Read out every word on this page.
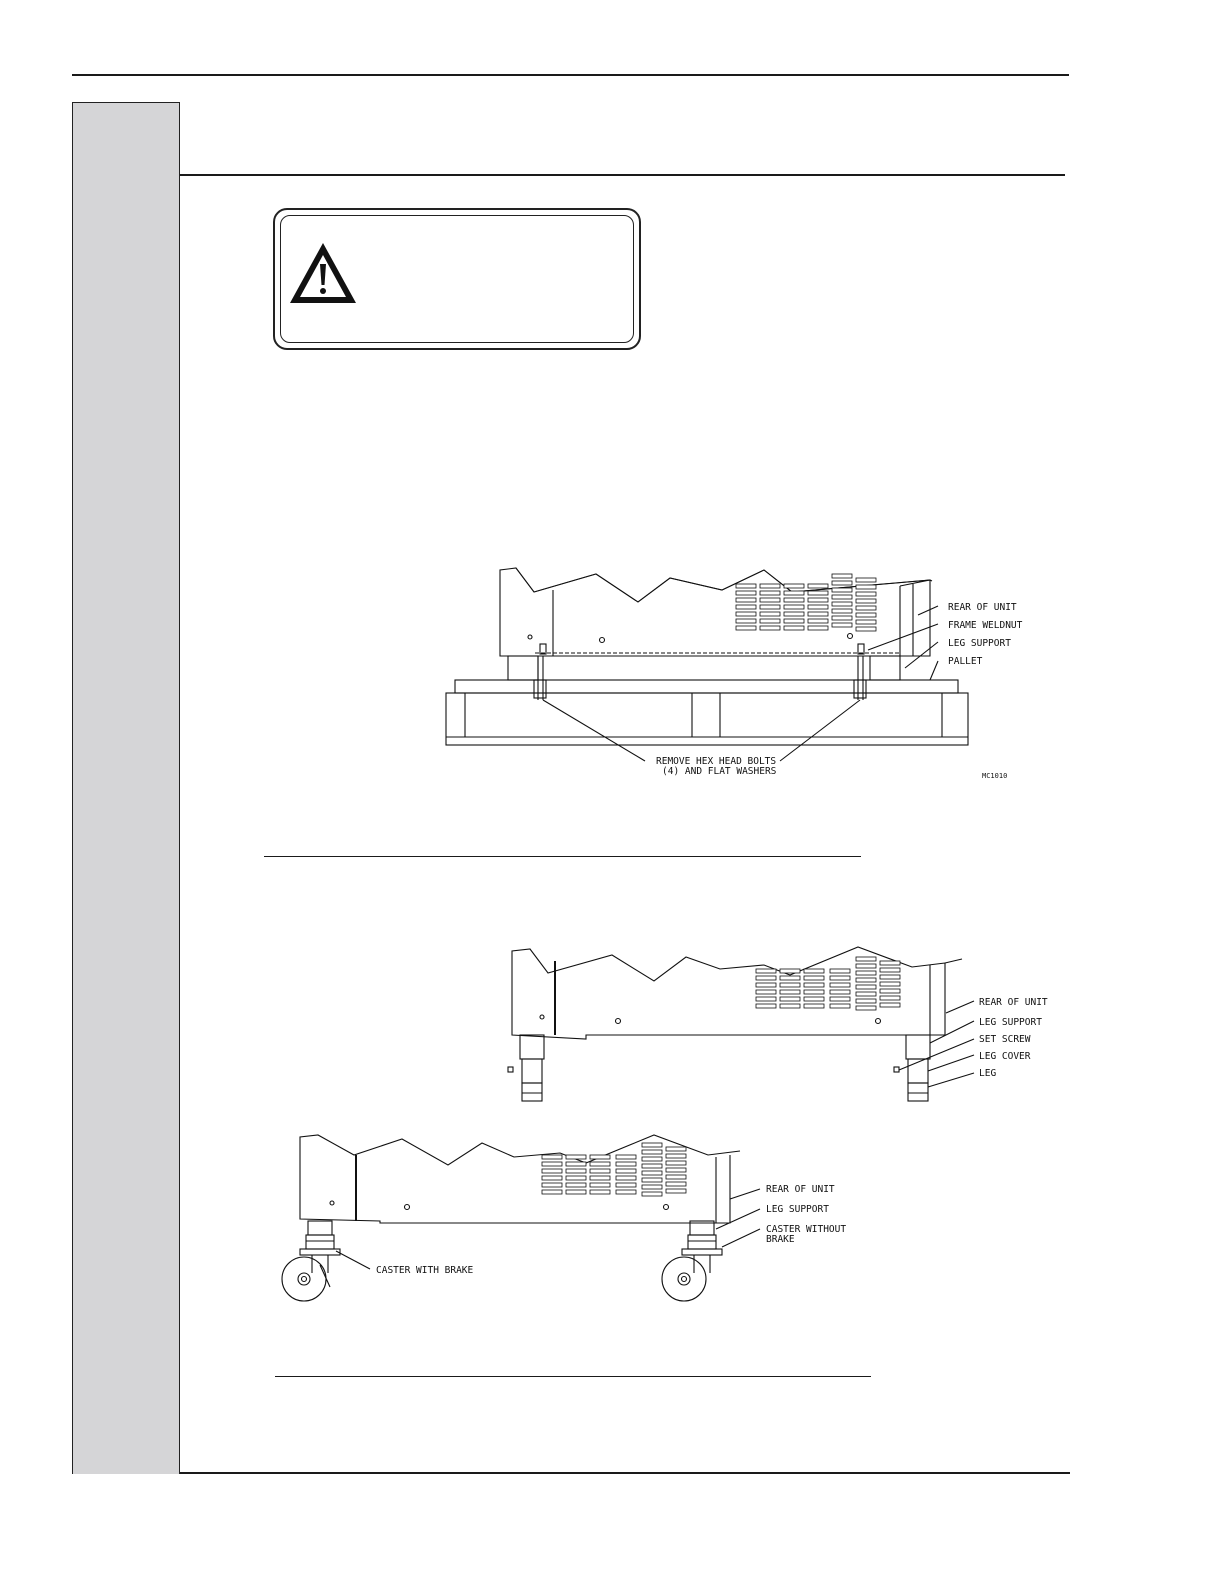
REAR OF UNIT
FRAME WELDNUT
LEG SUPPORT
PALLET
REMOVE HEX HEAD BOLTS
(4) AND FLAT WASHERS	MC1010
REAR OF UNIT
LEG SUPPORT
SET SCREW
LEG COVER
LEG
REAR OF UNIT
LEG SUPPORT
CASTER WITHOUT
BRAKE
CASTER WITH BRAKE
